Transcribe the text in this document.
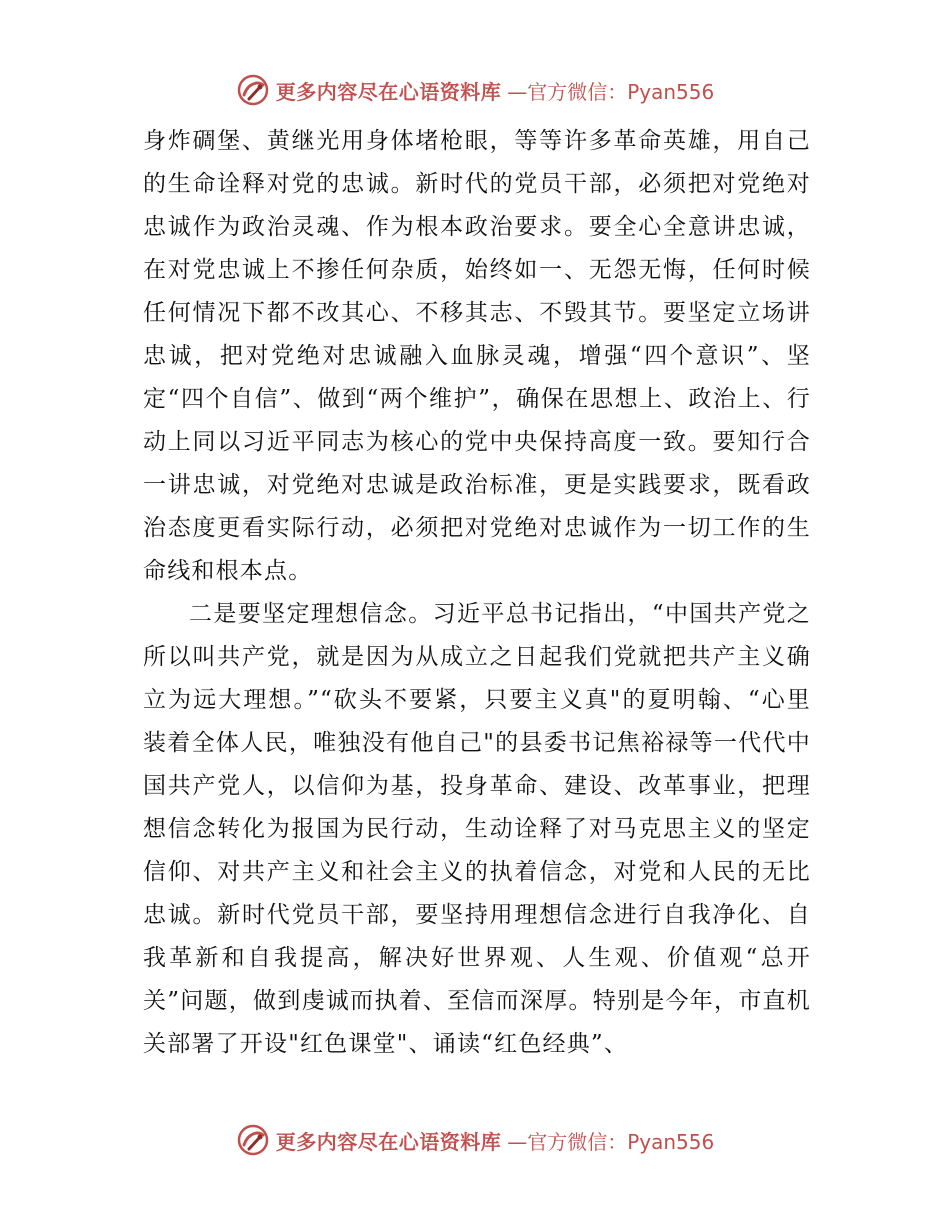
更多内容尽在心语资料库 —官方微信：Pyan556

身炸碉堡、黄继光用身体堵枪眼，等等许多革命英雄，用自己的生命诠释对党的忠诚。新时代的党员干部，必须把对党绝对忠诚作为政治灵魂、作为根本政治要求。要全心全意讲忠诚，在对党忠诚上不掺任何杂质，始终如一、无怨无悔，任何时候任何情况下都不改其心、不移其志、不毁其节。要坚定立场讲忠诚，把对党绝对忠诚融入血脉灵魂，增强“四个意识”、坚定“四个自信”、做到“两个维护”，确保在思想上、政治上、行动上同以习近平同志为核心的党中央保持高度一致。要知行合一讲忠诚，对党绝对忠诚是政治标准，更是实践要求，既看政治态度更看实际行动，必须把对党绝对忠诚作为一切工作的生命线和根本点。

二是要坚定理想信念。习近平总书记指出，“中国共产党之所以叫共产党，就是因为从成立之日起我们党就把共产主义确立为远大理想。”“砍头不要紧，只要主义真"的夏明翰、“心里装着全体人民，唯独没有他自己"的县委书记焦裕禄等一代代中国共产党人，以信仰为基，投身革命、建设、改革事业，把理想信念转化为报国为民行动，生动诠释了对马克思主义的坚定信仰、对共产主义和社会主义的执着信念，对党和人民的无比忠诚。新时代党员干部，要坚持用理想信念进行自我净化、自我革新和自我提高，解决好世界观、人生观、价值观“总开关”问题，做到虔诚而执着、至信而深厚。特别是今年，市直机关部署了开设"红色课堂"、诵读“红色经典”、

更多内容尽在心语资料库 —官方微信：Pyan556
